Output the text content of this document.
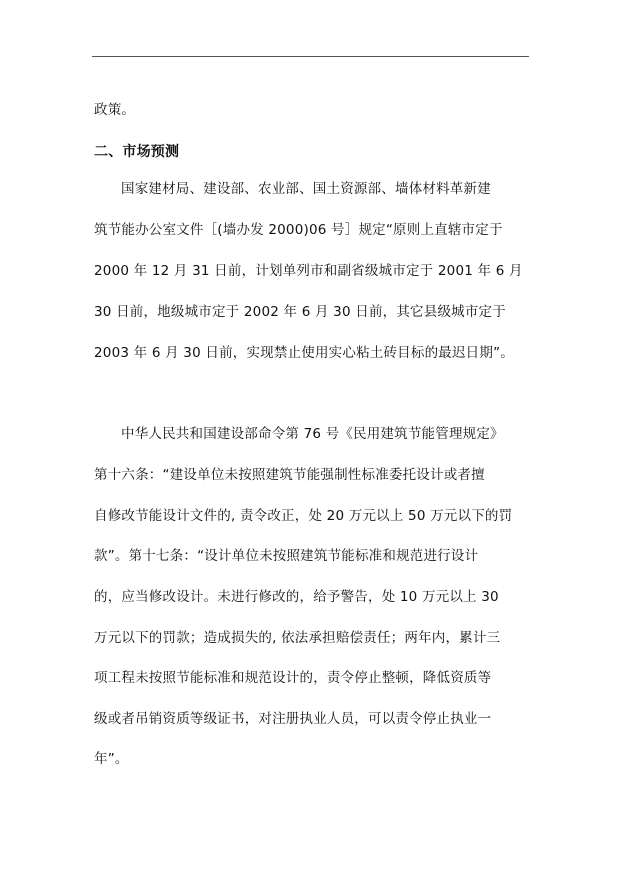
政策。
二、市场预测
国家建材局、建设部、农业部、国土资源部、墙体材料革新建
筑节能办公室文件［(墙办发 2000)06 号］规定“原则上直辖市定于
2000 年 12 月 31 日前，计划单列市和副省级城市定于 2001 年 6 月
30 日前，地级城市定于 2002 年 6 月 30 日前，其它县级城市定于
2003 年 6 月 30 日前，实现禁止使用实心粘土砖目标的最迟日期”。
中华人民共和国建设部命令第 76 号《民用建筑节能管理规定》
第十六条：“建设单位未按照建筑节能强制性标准委托设计或者擅
自修改节能设计文件的, 责令改正，处 20 万元以上 50 万元以下的罚
款”。第十七条：“设计单位未按照建筑节能标准和规范进行设计
的，应当修改设计。未进行修改的，给予警告，处 10 万元以上 30
万元以下的罚款；造成损失的, 依法承担赔偿责任；两年内，累计三
项工程未按照节能标准和规范设计的，责令停止整顿，降低资质等
级或者吊销资质等级证书，对注册执业人员，可以责令停止执业一
年”。
